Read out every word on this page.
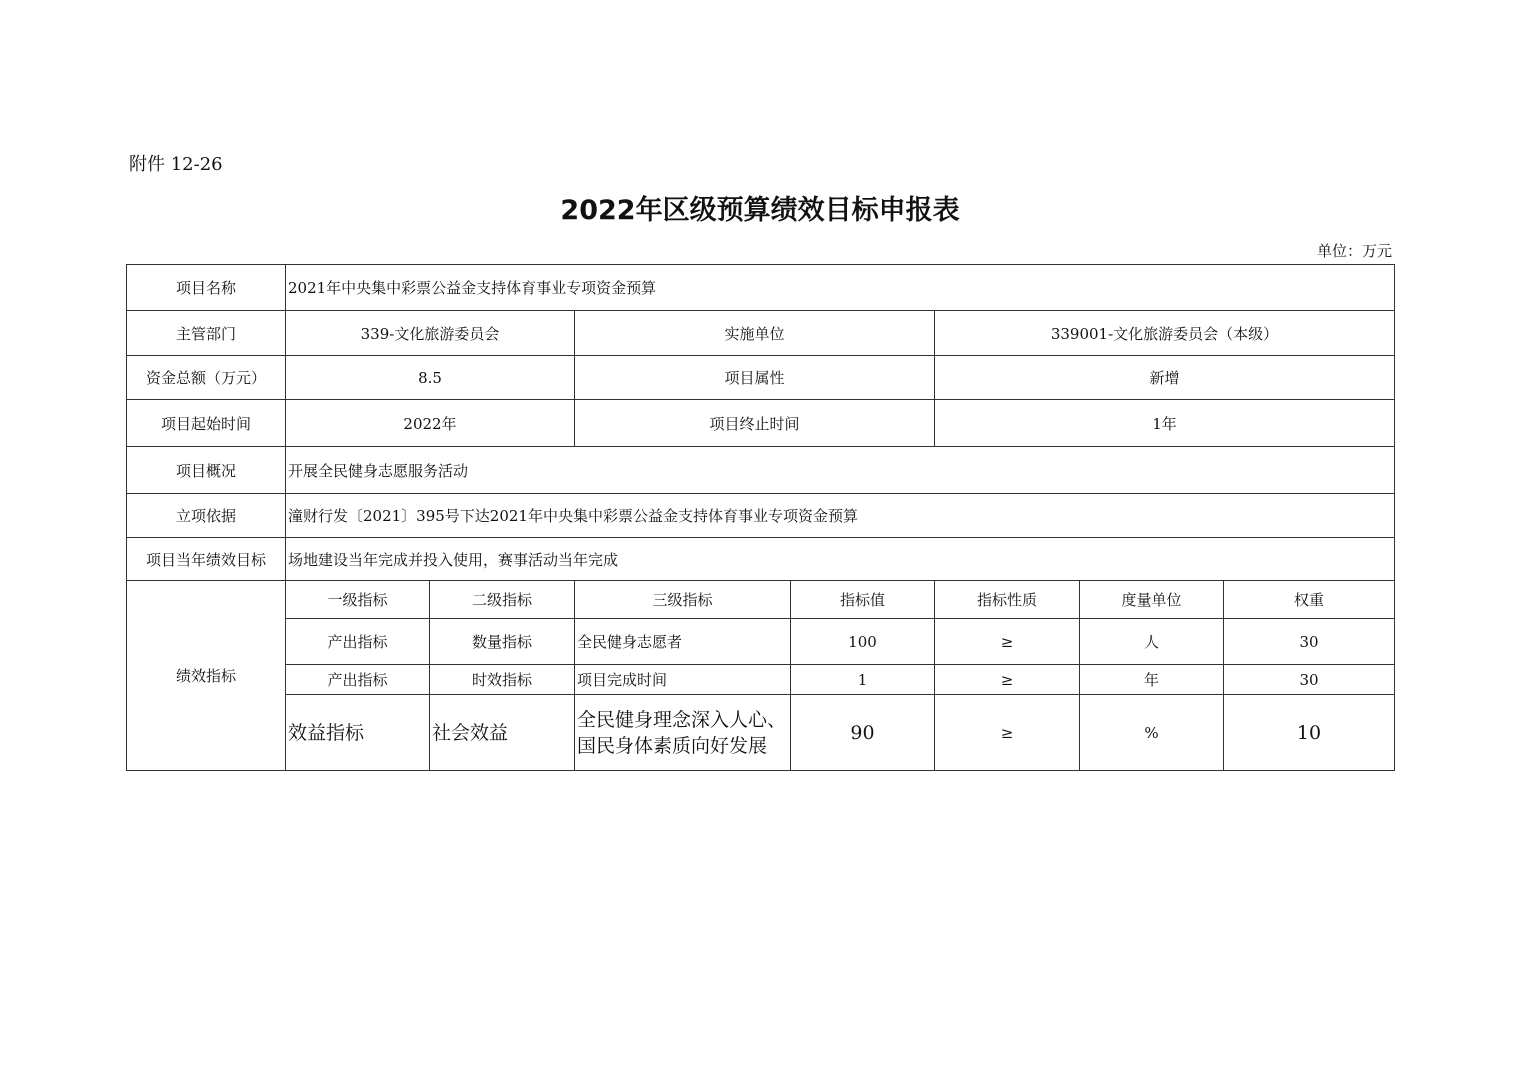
附件 12-26
2022年区级预算绩效目标申报表
单位：万元
项目名称	2021年中央集中彩票公益金支持体育事业专项资金预算						
主管部门	339-文化旅游委员会		实施单位		339001-文化旅游委员会（本级）		
资金总额（万元）	8.5		项目属性		新增		
项目起始时间	2022年		项目终止时间		1年		
项目概况	开展全民健身志愿服务活动						
立项依据	潼财行发〔2021〕395号下达2021年中央集中彩票公益金支持体育事业专项资金预算						
项目当年绩效目标	场地建设当年完成并投入使用，赛事活动当年完成						
绩效指标	一级指标	二级指标	三级指标	指标值	指标性质	度量单位	权重
	产出指标	数量指标	全民健身志愿者	100	≥	人	30
	产出指标	时效指标	项目完成时间	1	≥	年	30
	效益指标	社会效益	全民健身理念深入人心、国民身体素质向好发展	90	≥	%	10
